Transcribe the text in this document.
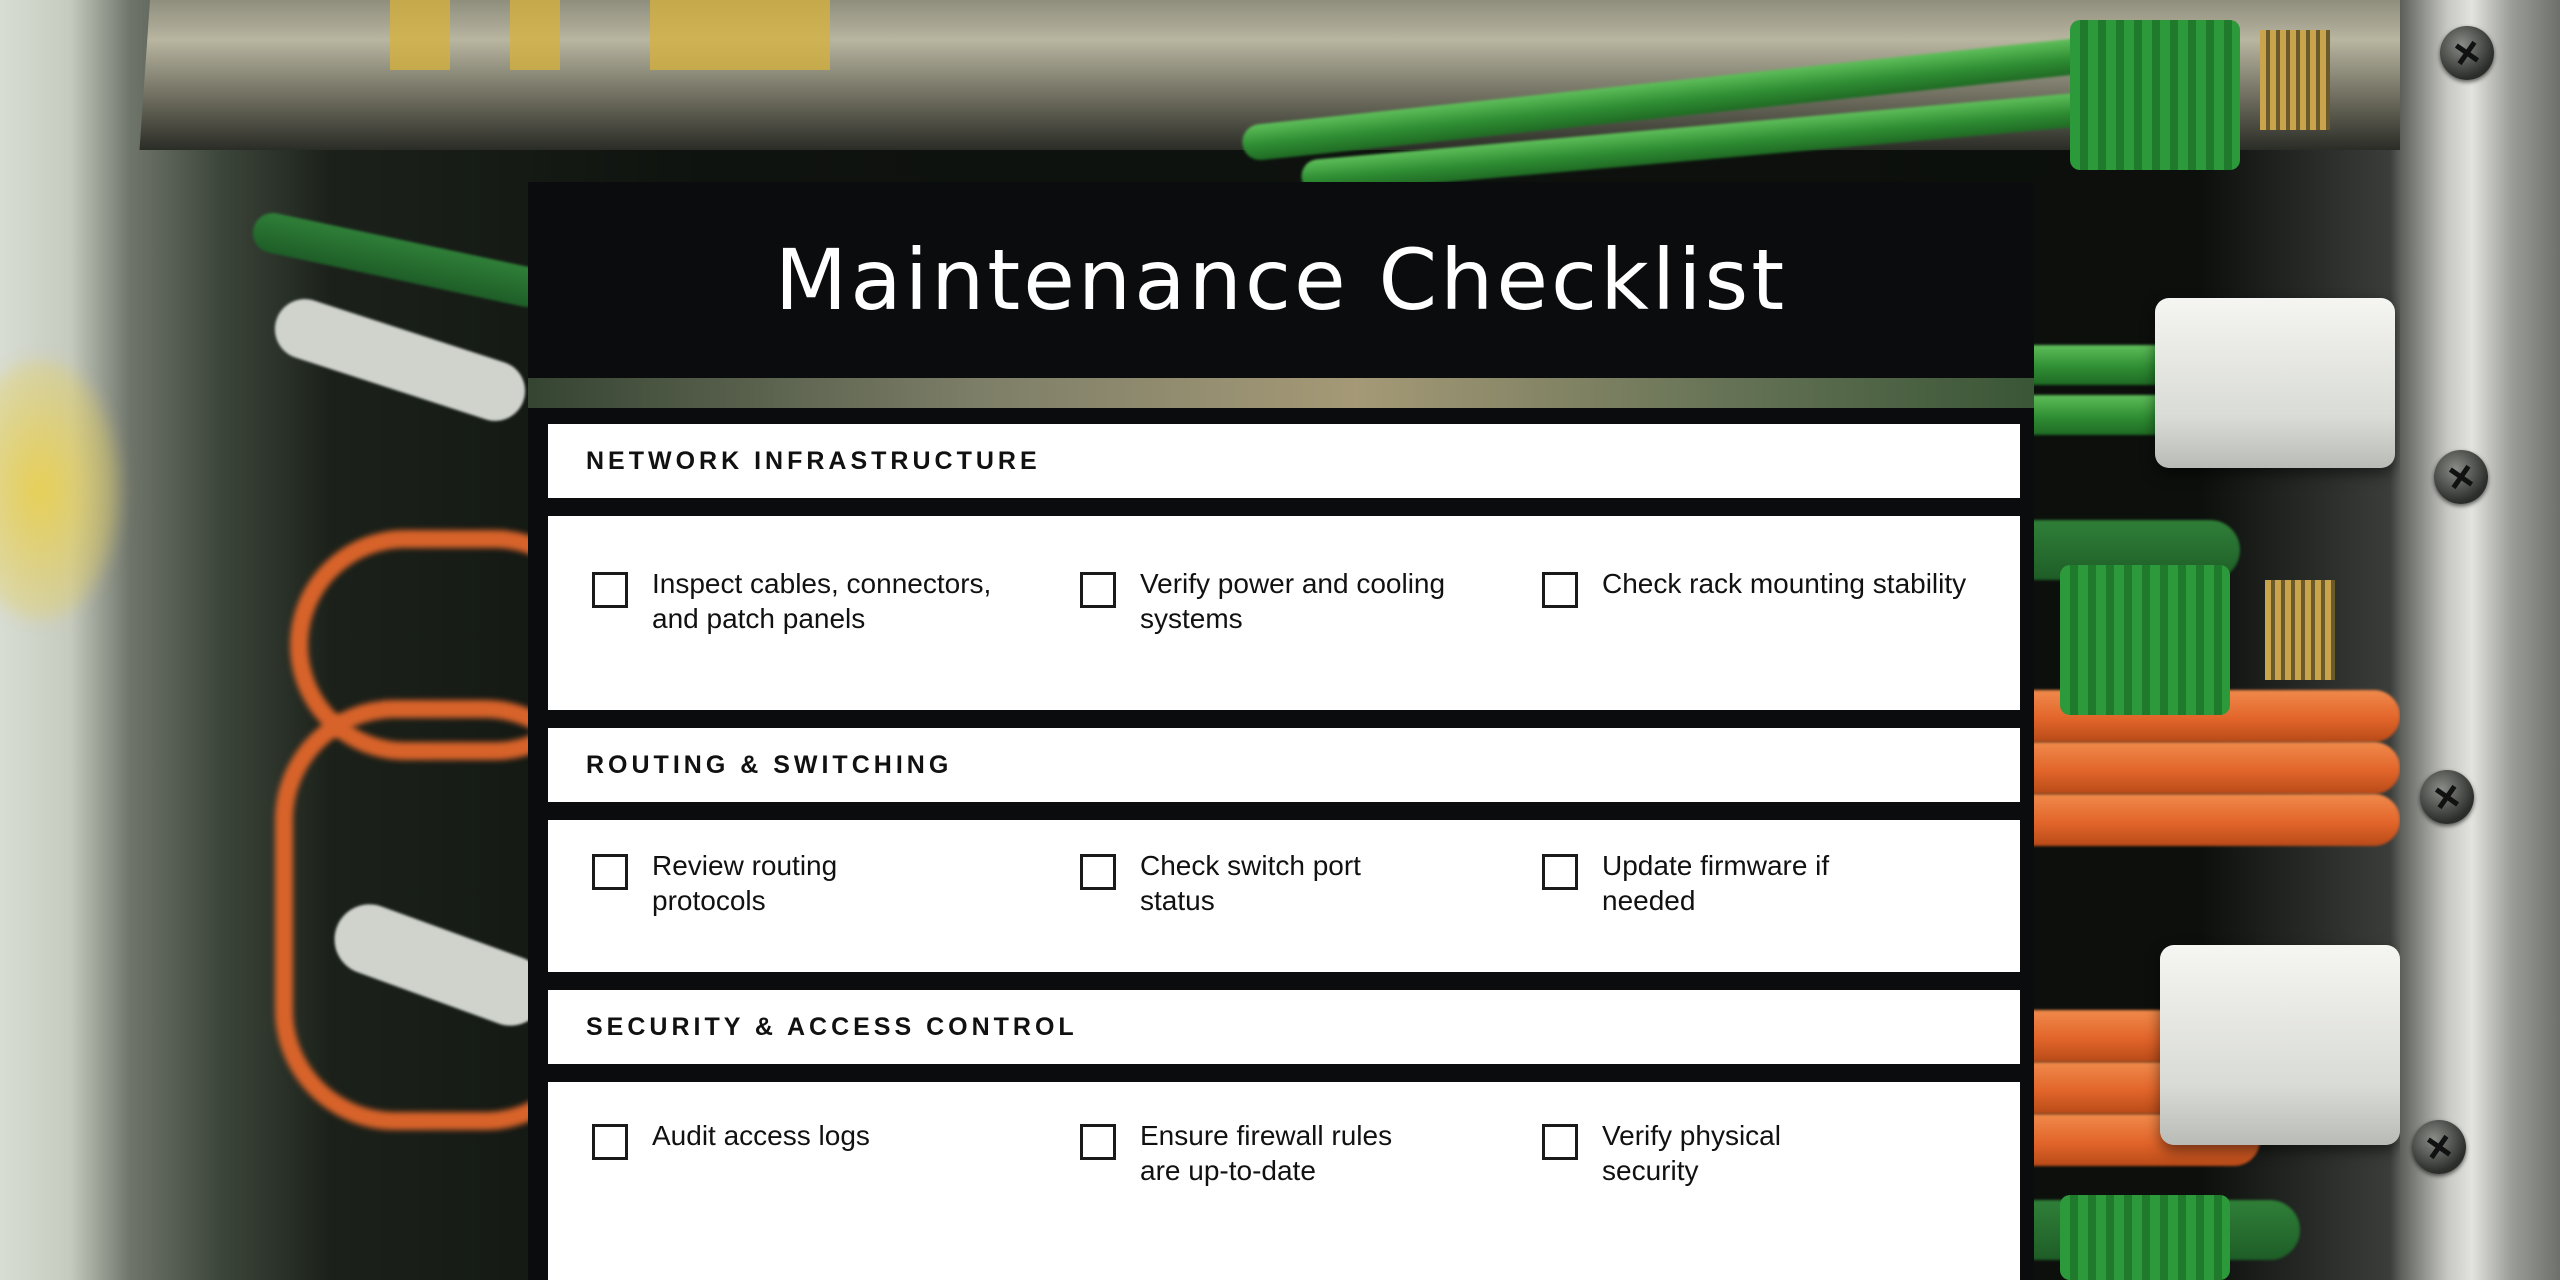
Maintenance Checklist
NETWORK INFRASTRUCTURE
Inspect cables, connectors, and patch panels
Verify power and cooling systems
Check rack mounting stability
ROUTING & SWITCHING
Review routing protocols
Check switch port status
Update firmware if needed
SECURITY & ACCESS CONTROL
Audit access logs	Ensure firewall rules are up-to-date
Verify physical security
